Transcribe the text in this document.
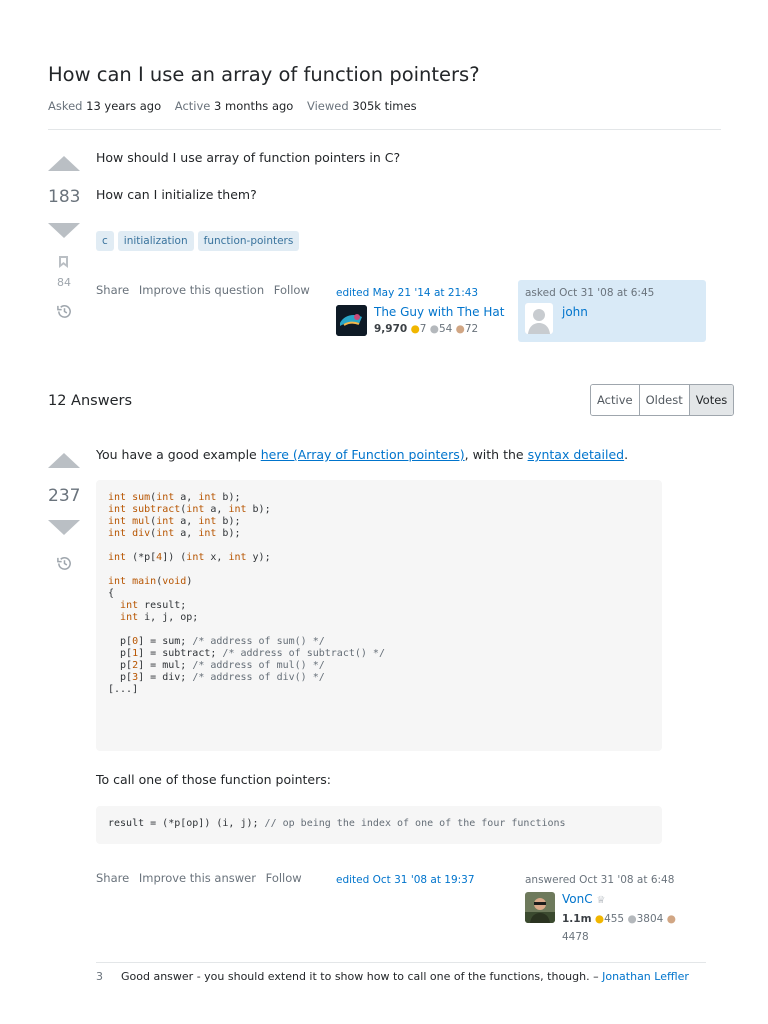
How can I use an array of function pointers?
Asked 13 years ago Active 3 months ago Viewed 305k times
183
84
How should I use array of function pointers in C?
How can I initialize them?
c	initialization	function-pointers
Share Improve this question Follow	edited May 21 '14 at 21:43
The Guy with The Hat
9,970 ●7 ●54 ●72
asked Oct 31 '08 at 6:45
john
12 Answers	Active	Oldest	Votes
237
You have a good example here (Array of Function pointers), with the syntax detailed.
int sum(int a, int b);
int subtract(int a, int b);
int mul(int a, int b);
int div(int a, int b);

int (*p[4]) (int x, int y);

int main(void)
{
int result;
int i, j, op;

p[0] = sum; /* address of sum() */
p[1] = subtract; /* address of subtract() */
p[2] = mul; /* address of mul() */
p[3] = div; /* address of div() */
[...]
To call one of those function pointers:
result = (*p[op]) (i, j); // op being the index of one of the four functions
Share Improve this answer Follow	edited Oct 31 '08 at 19:37	answered Oct 31 '08 at 6:48
VonC ♕
1.1m ●455 ●3804 ● 4478
3 Good answer - you should extend it to show how to call one of the functions, though. – Jonathan Leffler
